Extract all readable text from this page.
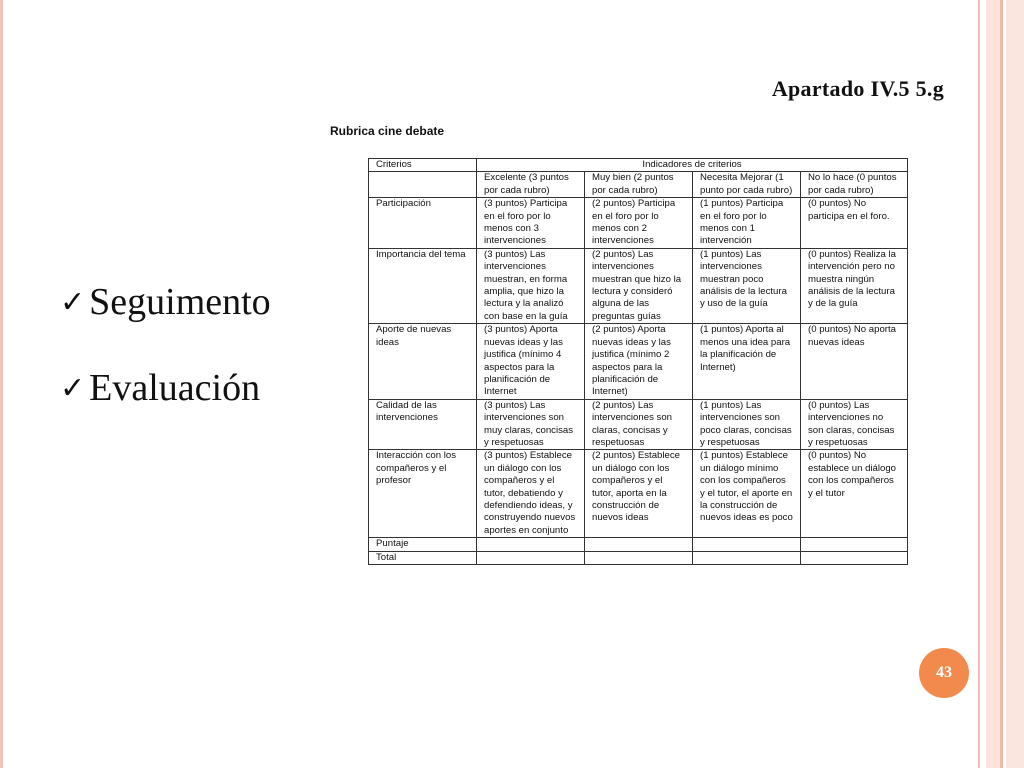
Apartado IV.5 5.g
✓ Seguimento
✓ Evaluación
Rubrica cine debate
Criterios	Indicadores de criterios			
	Excelente (3 puntos por cada rubro)	Muy bien (2 puntos por cada rubro)	Necesita Mejorar (1 punto por cada rubro)	No lo hace (0 puntos por cada rubro)
Participación	(3 puntos) Participa en el foro por lo menos con 3 intervenciones	(2 puntos) Participa en el foro por lo menos con 2 intervenciones	(1 puntos) Participa en el foro por lo menos con 1 intervención	(0 puntos) No participa en el foro.
Importancia del tema	(3 puntos) Las intervenciones muestran, en forma amplia, que hizo la lectura y la analizó con base en la guía	(2 puntos) Las intervenciones muestran que hizo la lectura y consideró alguna de las preguntas guías	(1 puntos) Las intervenciones muestran poco análisis de la lectura y uso de la guía	(0 puntos) Realiza la intervención pero no muestra ningún análisis de la lectura y de la guía
Aporte de nuevas ideas	(3 puntos) Aporta nuevas ideas y las justifica (mínimo 4 aspectos para la planificación de Internet	(2 puntos) Aporta nuevas ideas y las justifica (mínimo 2 aspectos para la planificación de Internet)	(1 puntos) Aporta al menos una idea para la planificación de Internet)	(0 puntos) No aporta nuevas ideas
Calidad de las intervenciones	(3 puntos) Las intervenciones son muy claras, concisas y respetuosas	(2 puntos) Las intervenciones son claras, concisas y respetuosas	(1 puntos) Las intervenciones son poco claras, concisas y respetuosas	(0 puntos) Las intervenciones no son claras, concisas y respetuosas
Interacción con los compañeros y el profesor	(3 puntos) Establece un diálogo con los compañeros y el tutor, debatiendo y defendiendo ideas, y construyendo nuevos aportes en conjunto	(2 puntos) Establece un diálogo con los compañeros y el tutor, aporta en la construcción de nuevos ideas	(1 puntos) Establece un diálogo mínimo con los compañeros y el tutor, el aporte en la construcción de nuevos ideas es poco	(0 puntos) No establece un diálogo con los compañeros y el tutor
Puntaje				
Total				
43
